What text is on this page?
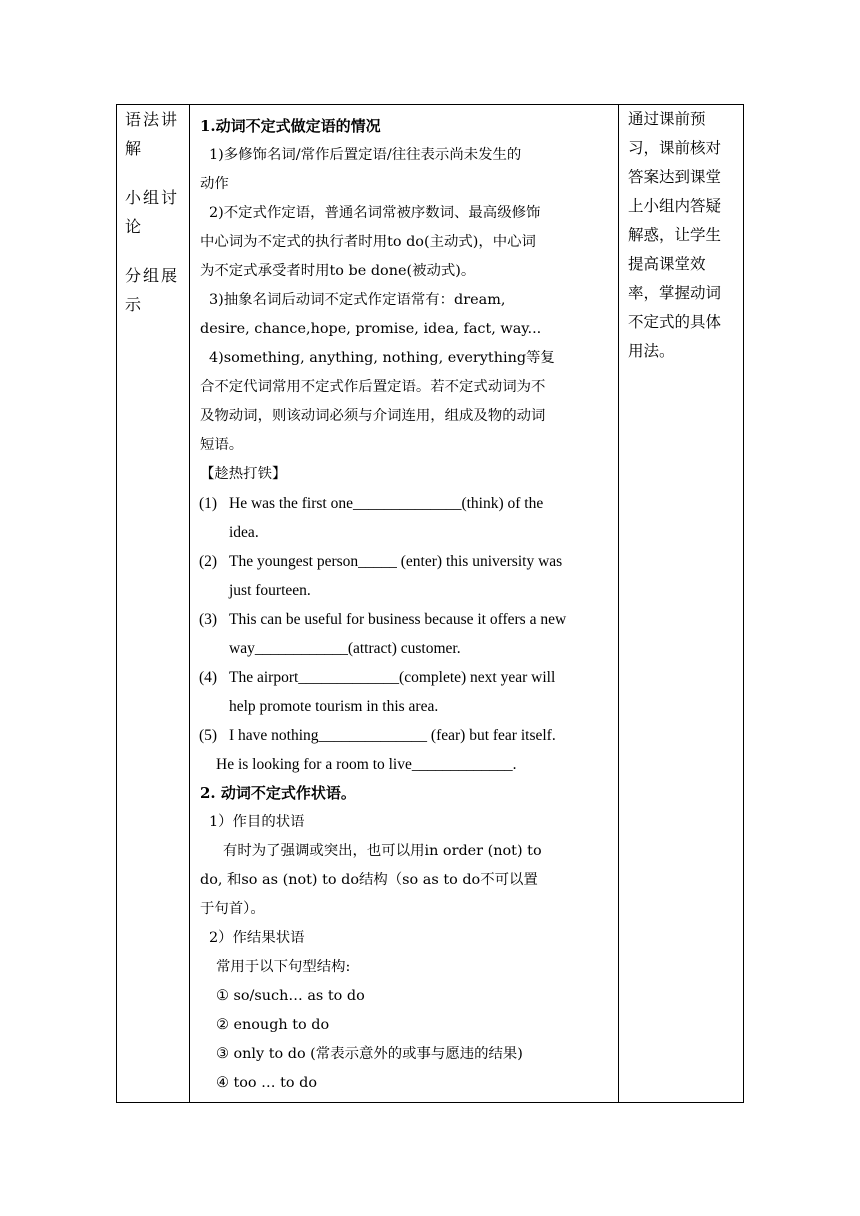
语法讲解
小组讨论
分组展示

1.动词不定式做定语的情况
1)多修饰名词/常作后置定语/往往表示尚未发生的
动作
2)不定式作定语，普通名词常被序数词、最高级修饰
中心词为不定式的执行者时用to do(主动式)，中心词
为不定式承受者时用to be done(被动式)。
3)抽象名词后动词不定式作定语常有：dream,
desire, chance,hope, promise, idea, fact, way...
4)something, anything, nothing, everything等复
合不定代词常用不定式作后置定语。若不定式动词为不
及物动词，则该动词必须与介词连用，组成及物的动词
短语。
【趁热打铁】
(1) He was the first one______________(think) of the
idea.
(2) The youngest person_____ (enter) this university was
just fourteen.
(3) This can be useful for business because it offers a new
way____________(attract) customer.
(4) The airport_____________(complete) next year will
help promote tourism in this area.
(5) I have nothing______________ (fear) but fear itself.
He is looking for a room to live_____________.
2. 动词不定式作状语。
1）作目的状语
有时为了强调或突出，也可以用in order (not) to
do, 和so as (not) to do结构（so as to do不可以置
于句首）。
2）作结果状语
常用于以下句型结构:
① so/such… as to do
② enough to do
③ only to do (常表示意外的或事与愿违的结果)
④ too … to do

通过课前预
习，课前核对
答案达到课堂
上小组内答疑
解惑，让学生
提高课堂效
率，掌握动词
不定式的具体
用法。
